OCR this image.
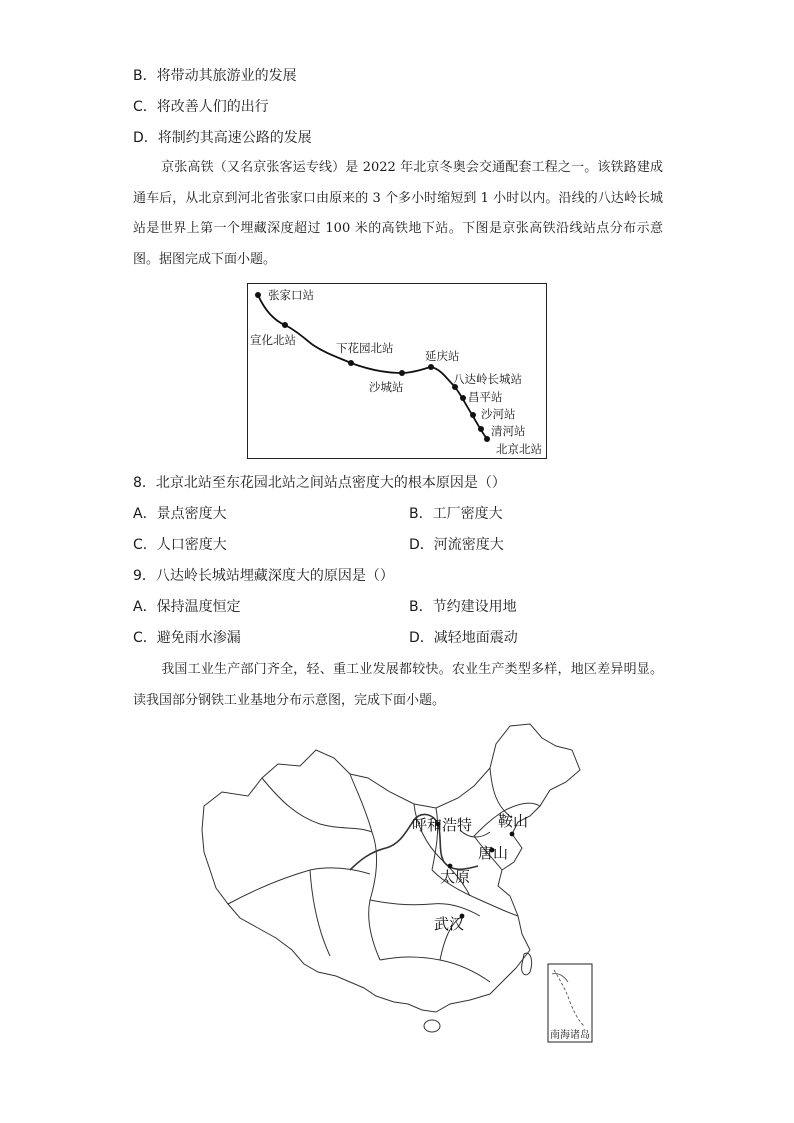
B．将带动其旅游业的发展
C．将改善人们的出行
D．将制约其高速公路的发展
京张高铁（又名京张客运专线）是 2022 年北京冬奥会交通配套工程之一。该铁路建成通车后，从北京到河北省张家口由原来的 3 个多小时缩短到 1 小时以内。沿线的八达岭长城站是世界上第一个埋藏深度超过 100 米的高铁地下站。下图是京张高铁沿线站点分布示意图。据图完成下面小题。
张家口站
宣化北站
下花园北站
沙城站
延庆站
八达岭长城站
昌平站
沙河站
清河站
北京北站
8．北京北站至东花园北站之间站点密度大的根本原因是（）
A．景点密度大	B．工厂密度大
C．人口密度大	D．河流密度大
9．八达岭长城站埋藏深度大的原因是（）
A．保持温度恒定	B．节约建设用地
C．避免雨水渗漏	D．减轻地面震动
我国工业生产部门齐全，轻、重工业发展都较快。农业生产类型多样，地区差异明显。读我国部分钢铁工业基地分布示意图，完成下面小题。
呼和浩特 鞍山
唐山
太原
武汉
南海诸岛
